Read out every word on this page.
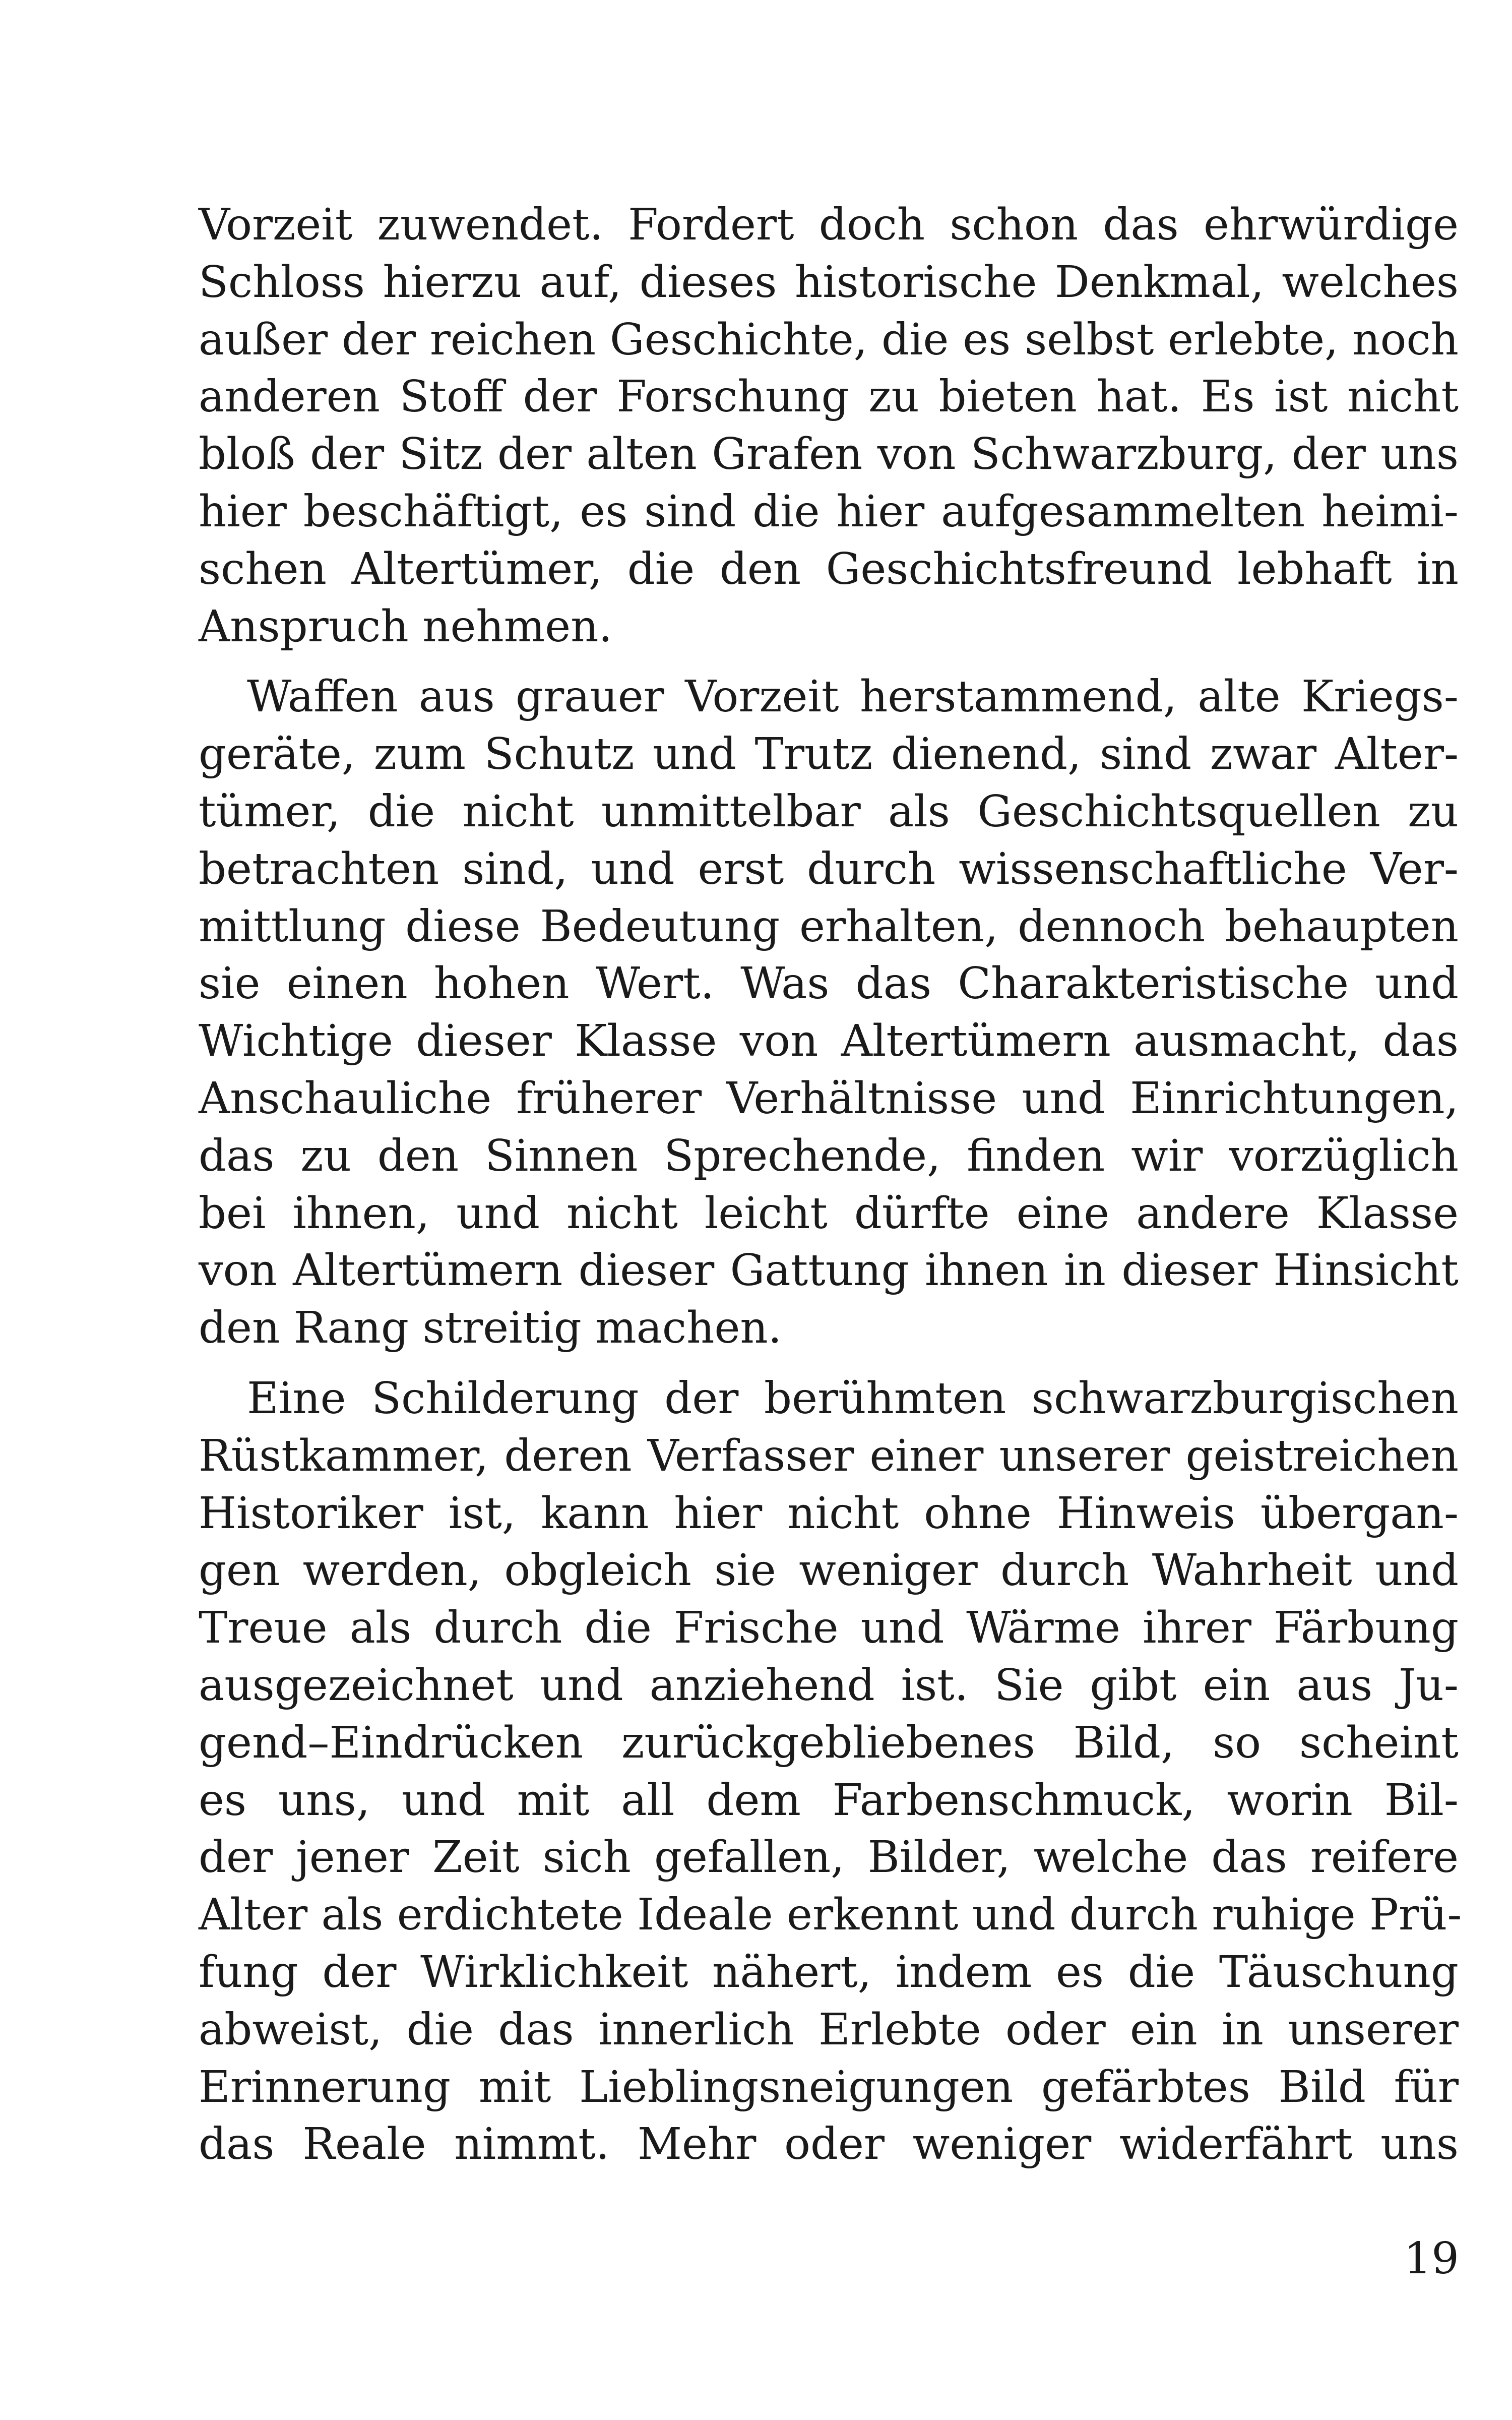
Vorzeit zuwendet. Fordert doch schon das ehrwürdige
Schloss hierzu auf, dieses historische Denkmal, welches
außer der reichen Geschichte, die es selbst erlebte, noch
anderen Stoff der Forschung zu bieten hat. Es ist nicht
bloß der Sitz der alten Grafen von Schwarzburg, der uns
hier beschäftigt, es sind die hier aufgesammelten heimi-
schen Altertümer, die den Geschichtsfreund lebhaft in
Anspruch nehmen.

Waffen aus grauer Vorzeit herstammend, alte Kriegs-
geräte, zum Schutz und Trutz dienend, sind zwar Alter-
tümer, die nicht unmittelbar als Geschichtsquellen zu
betrachten sind, und erst durch wissenschaftliche Ver-
mittlung diese Bedeutung erhalten, dennoch behaupten
sie einen hohen Wert. Was das Charakteristische und
Wichtige dieser Klasse von Altertümern ausmacht, das
Anschauliche früherer Verhältnisse und Einrichtungen,
das zu den Sinnen Sprechende, finden wir vorzüglich
bei ihnen, und nicht leicht dürfte eine andere Klasse
von Altertümern dieser Gattung ihnen in dieser Hinsicht
den Rang streitig machen.

Eine Schilderung der berühmten schwarzburgischen
Rüstkammer, deren Verfasser einer unserer geistreichen
Historiker ist, kann hier nicht ohne Hinweis übergan-
gen werden, obgleich sie weniger durch Wahrheit und
Treue als durch die Frische und Wärme ihrer Färbung
ausgezeichnet und anziehend ist. Sie gibt ein aus Ju-
gend–Eindrücken zurückgebliebenes Bild, so scheint
es uns, und mit all dem Farbenschmuck, worin Bil-
der jener Zeit sich gefallen, Bilder, welche das reifere
Alter als erdichtete Ideale erkennt und durch ruhige Prü-
fung der Wirklichkeit nähert, indem es die Täuschung
abweist, die das innerlich Erlebte oder ein in unserer
Erinnerung mit Lieblingsneigungen gefärbtes Bild für
das Reale nimmt. Mehr oder weniger widerfährt uns

19
